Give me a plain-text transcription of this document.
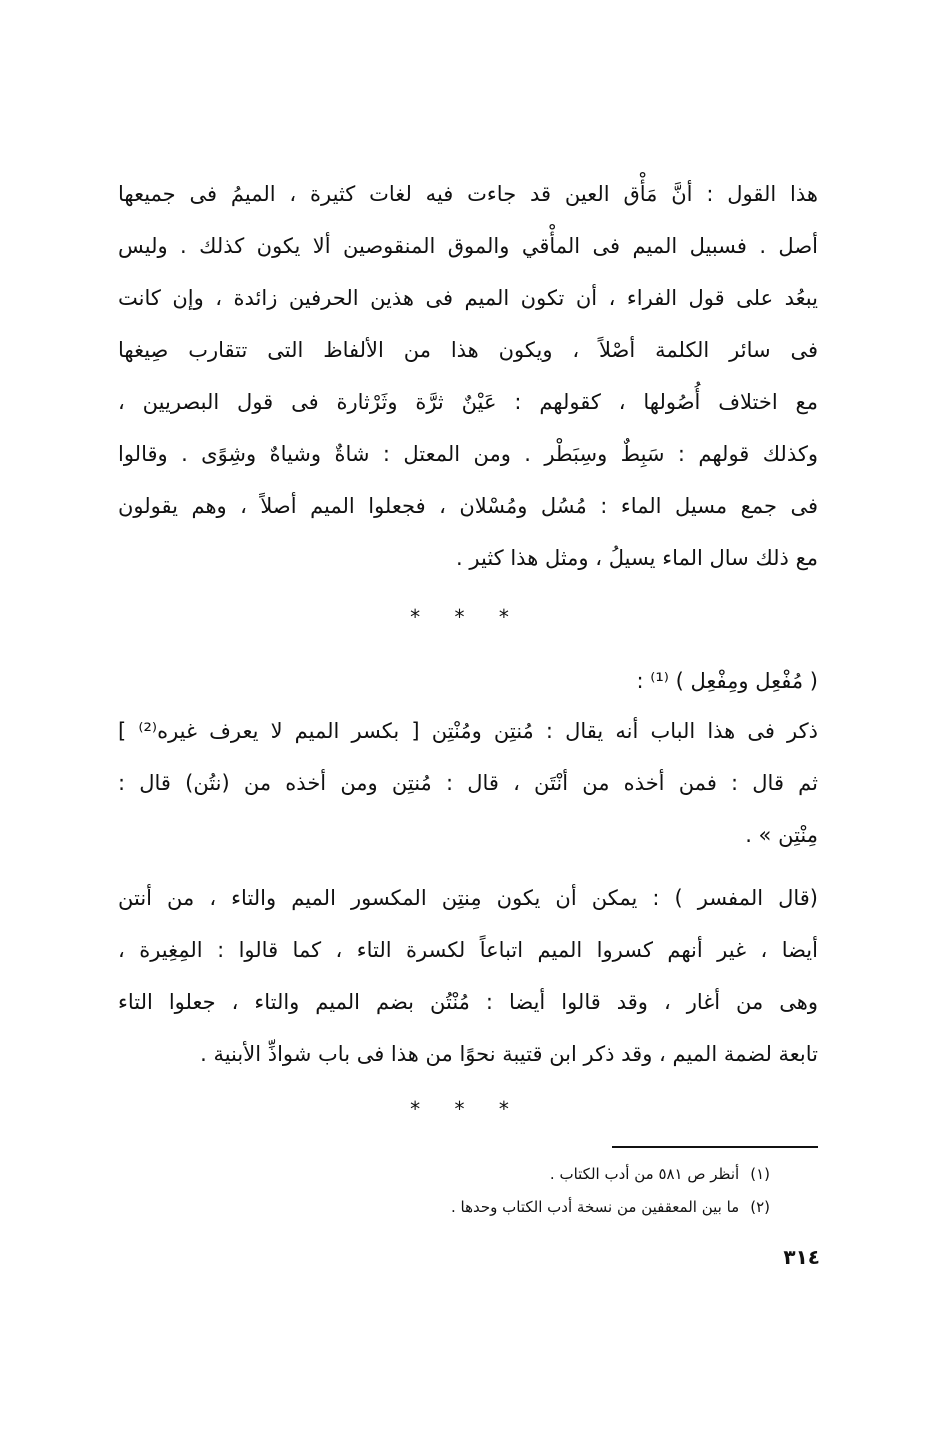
هذا القول : أنَّ مَأْق العين قد جاءت فيه لغات كثيرة ، الميمُ فى جميعها
أصل . فسبيل الميم فى المأْقي والموق المنقوصين ألا يكون كذلك . وليس
يبعُد على قول الفراء ، أن تكون الميم فى هذين الحرفين زائدة ، وإن كانت
فى سائر الكلمة أصْلاً ، ويكون هذا من الألفاظ التى تتقارب صِيغها
مع اختلاف أُصُولها ، كقولهم : عَيْنٌ ثرَّة وثَرْثارة فى قول البصريين ،
وكذلك قولهم : سَبِطٌ وسِبَطْر . ومن المعتل : شاةٌ وشياهٌ وشِوًى . وقالوا
فى جمع مسيل الماء : مُسُل ومُسْلان ، فجعلوا الميم أصلاً ، وهم يقولون
مع ذلك سال الماء يسيلُ ، ومثل هذا كثير .
* * *
( مُفْعِل ومِفْعِل ) ⁽¹⁾ :
ذكر فى هذا الباب أنه يقال : مُنتِن ومُنْتِن [ بكسر الميم لا يعرف غيره⁽²⁾ ]
ثم قال : فمن أخذه من أنْتَن ، قال : مُنتِن ومن أخذه من (نتُن) قال :
مِنْتِن » .
(قال المفسر ) : يمكن أن يكون مِنتِن المكسور الميم والتاء ، من أنتن
أيضا ، غير أنهم كسروا الميم اتباعاً لكسرة التاء ، كما قالوا : المِغِيرة ،
وهى من أغار ، وقد قالوا أيضا : مُنْتُن بضم الميم والتاء ، جعلوا التاء
تابعة لضمة الميم ، وقد ذكر ابن قتيبة نحوًا من هذا فى باب شواذِّ الأبنية .
* * *
(١) أنظر ص ٥٨١ من أدب الكتاب .
(٢) ما بين المعقفين من نسخة أدب الكتاب وحدها .
٣١٤
